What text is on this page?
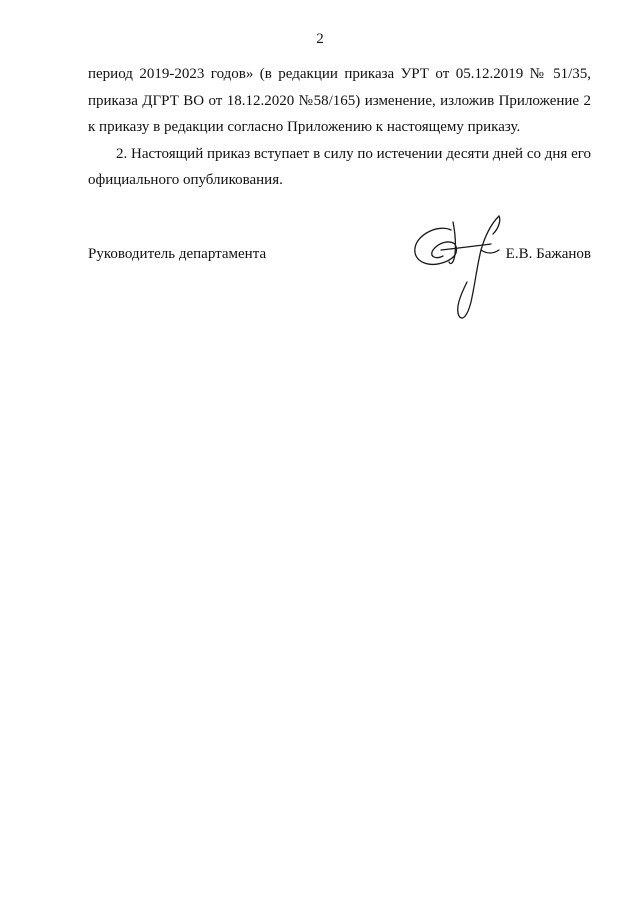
2
период 2019-2023 годов» (в редакции приказа УРТ от 05.12.2019 № 51/35,
приказа ДГРТ ВО от 18.12.2020 №58/165) изменение, изложив Приложение 2
к приказу в редакции согласно Приложению к настоящему приказу.
2. Настоящий приказ вступает в силу по истечении десяти дней со дня его
официального опубликования.
Руководитель департамента	Е.В. Бажанов
